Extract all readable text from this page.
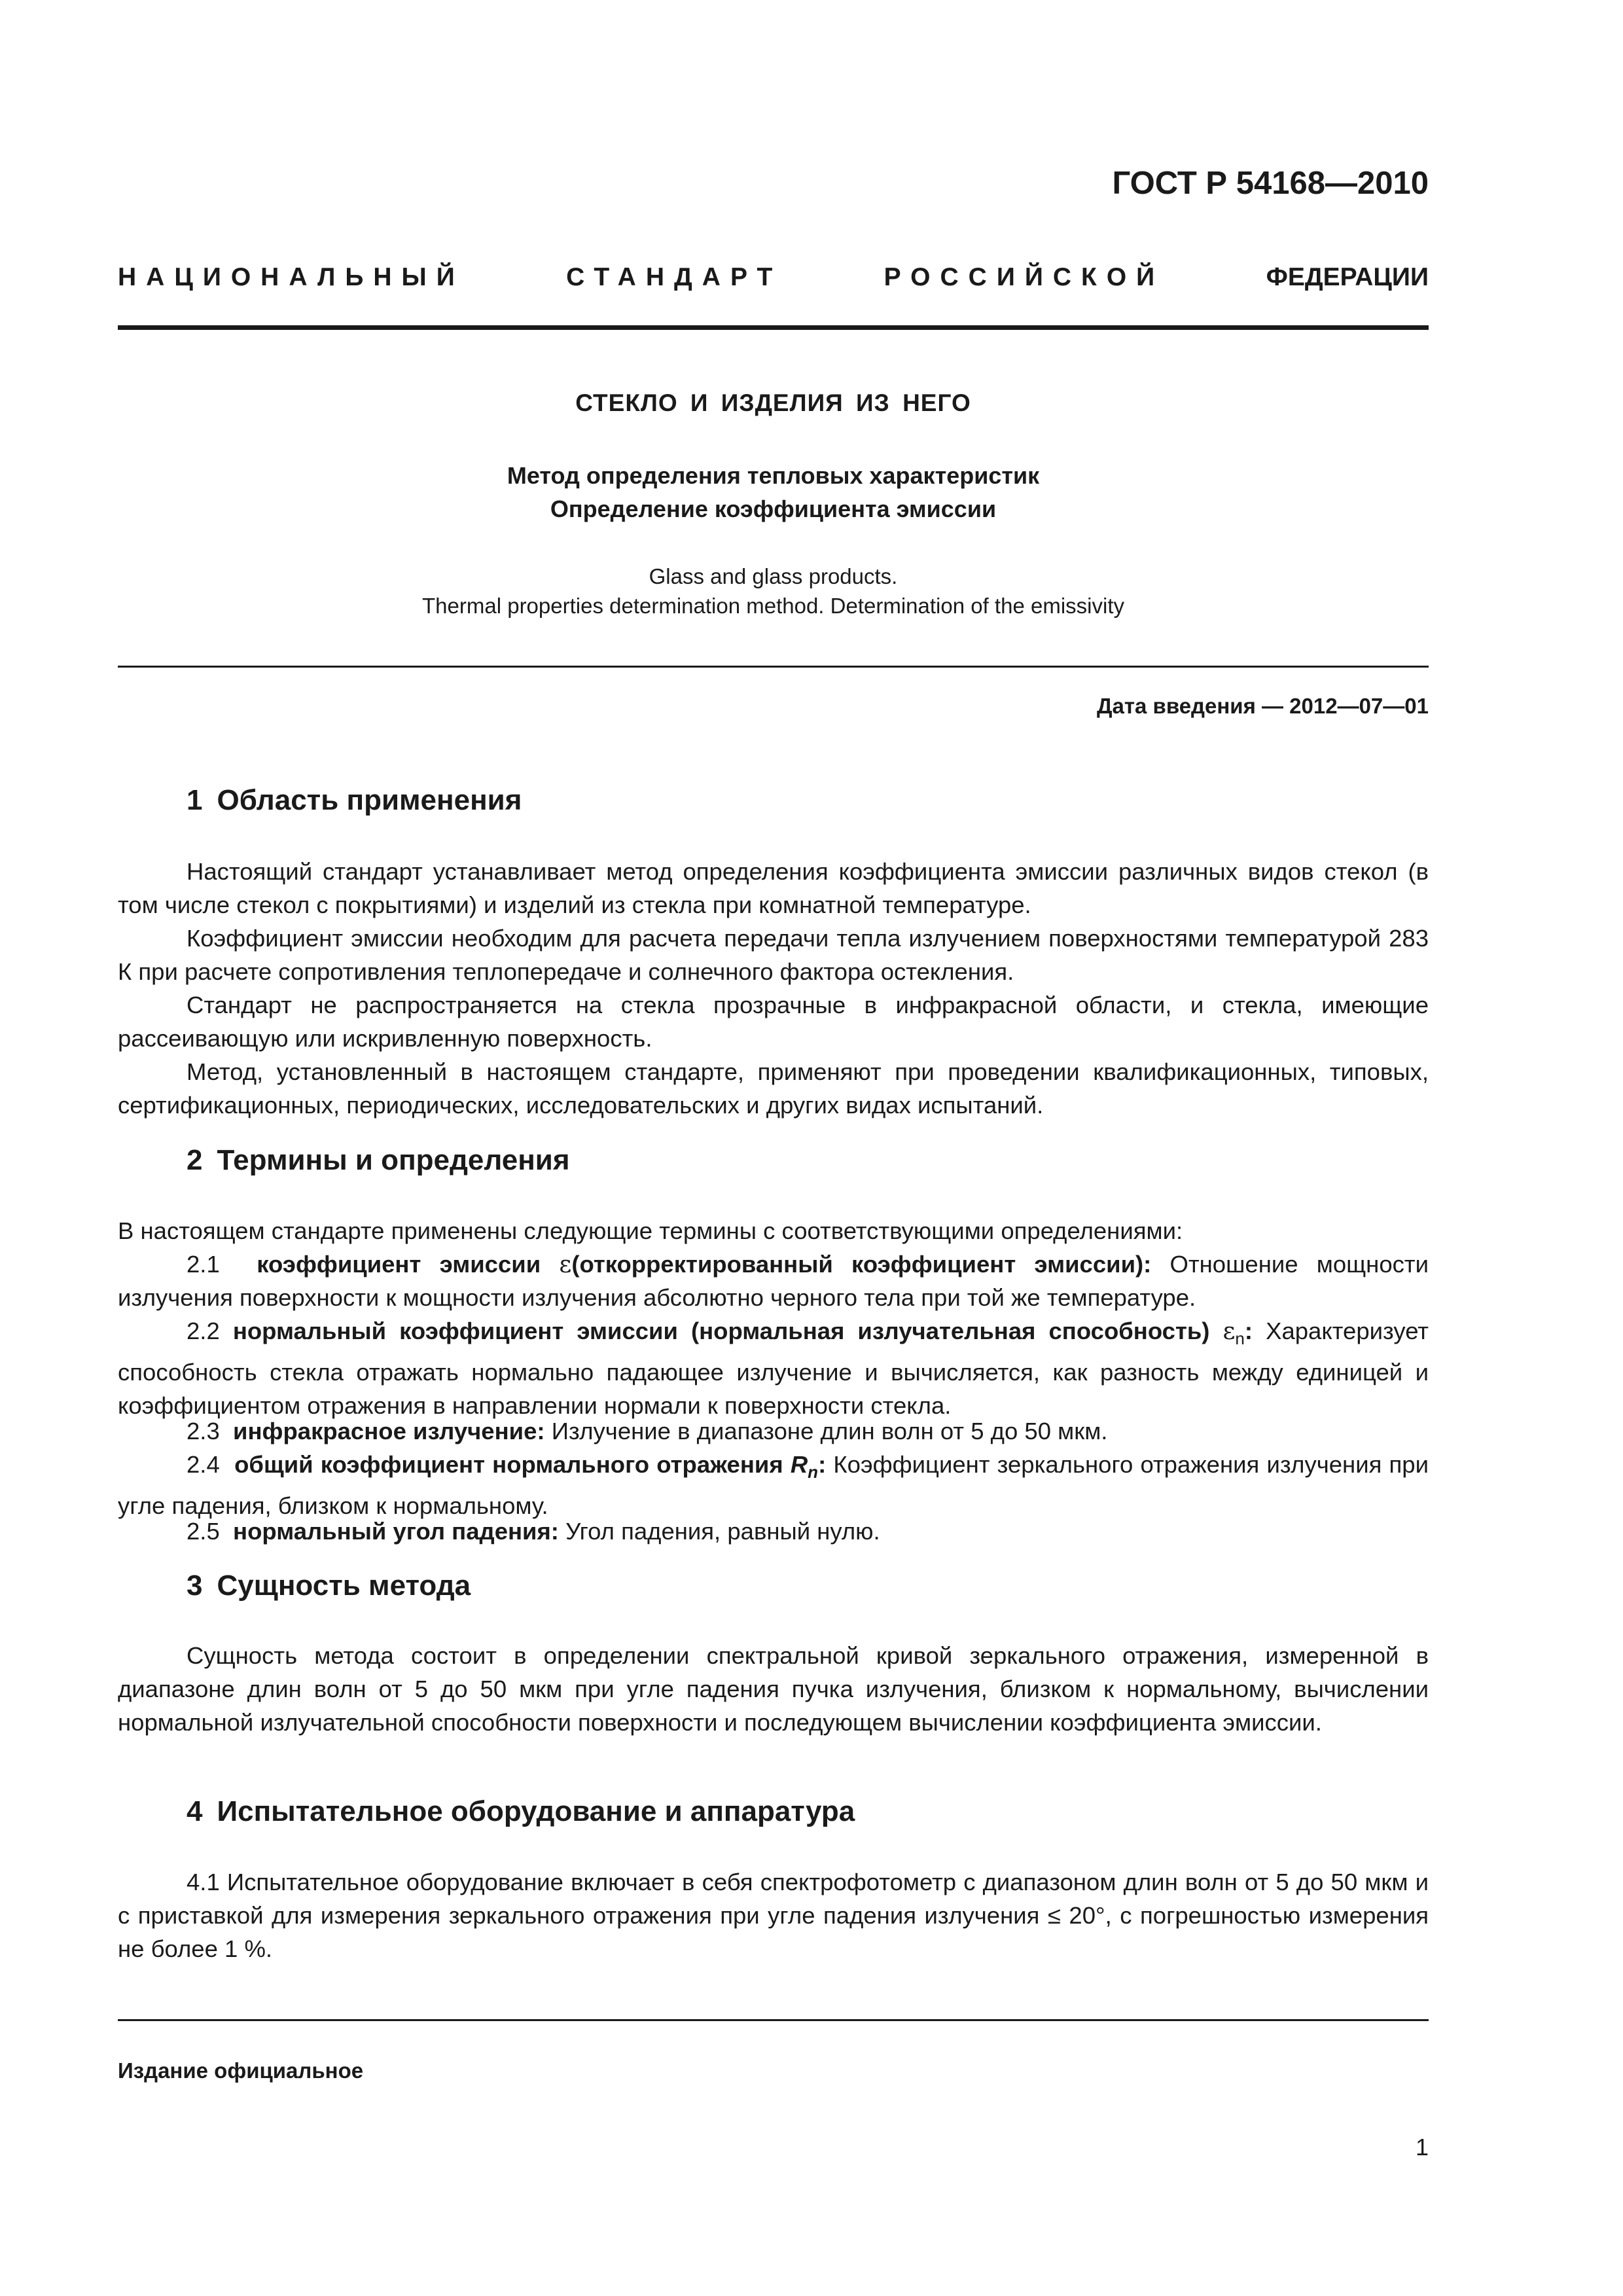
ГОСТ Р 54168—2010
НАЦИОНАЛЬНЫЙ	СТАНДАРТ	РОССИЙСКОЙ	ФЕДЕРАЦИИ
СТЕКЛО И ИЗДЕЛИЯ ИЗ НЕГО
Метод определения тепловых характеристик
Определение коэффициента эмиссии
Glass and glass products.
Thermal properties determination method. Determination of the emissivity
Дата введения — 2012—07—01
1 Область применения
Настоящий стандарт устанавливает метод определения коэффициента эмиссии различных видов стекол (в том числе стекол с покрытиями) и изделий из стекла при комнатной температуре.
Коэффициент эмиссии необходим для расчета передачи тепла излучением поверхностями температурой 283 К при расчете сопротивления теплопередаче и солнечного фактора остекления.
Стандарт не распространяется на стекла прозрачные в инфракрасной области, и стекла, имеющие рассеивающую или искривленную поверхность.
Метод, установленный в настоящем стандарте, применяют при проведении квалификационных, типовых, сертификационных, периодических, исследовательских и других видах испытаний.
2 Термины и определения
В настоящем стандарте применены следующие термины с соответствующими определениями:
2.1 коэффициент эмиссии ε(откорректированный коэффициент эмиссии): Отношение мощности излучения поверхности к мощности излучения абсолютно черного тела при той же температуре.
2.2 нормальный коэффициент эмиссии (нормальная излучательная способность) $\varepsilon_n$: Характеризует способность стекла отражать нормально падающее излучение и вычисляется, как разность между единицей и коэффициентом отражения в направлении нормали к поверхности стекла.
2.3 инфракрасное излучение: Излучение в диапазоне длин волн от 5 до 50 мкм.
2.4 общий коэффициент нормального отражения $R_n$: Коэффициент зеркального отражения излучения при угле падения, близком к нормальному.
2.5 нормальный угол падения: Угол падения, равный нулю.
3 Сущность метода
Сущность метода состоит в определении спектральной кривой зеркального отражения, измеренной в диапазоне длин волн от 5 до 50 мкм при угле падения пучка излучения, близком к нормальному, вычислении нормальной излучательной способности поверхности и последующем вычислении коэффициента эмиссии.
4 Испытательное оборудование и аппаратура
4.1 Испытательное оборудование включает в себя спектрофотометр с диапазоном длин волн от 5 до 50 мкм и с приставкой для измерения зеркального отражения при угле падения излучения ≤ 20°, с погрешностью измерения не более 1 %.
Издание официальное
1
